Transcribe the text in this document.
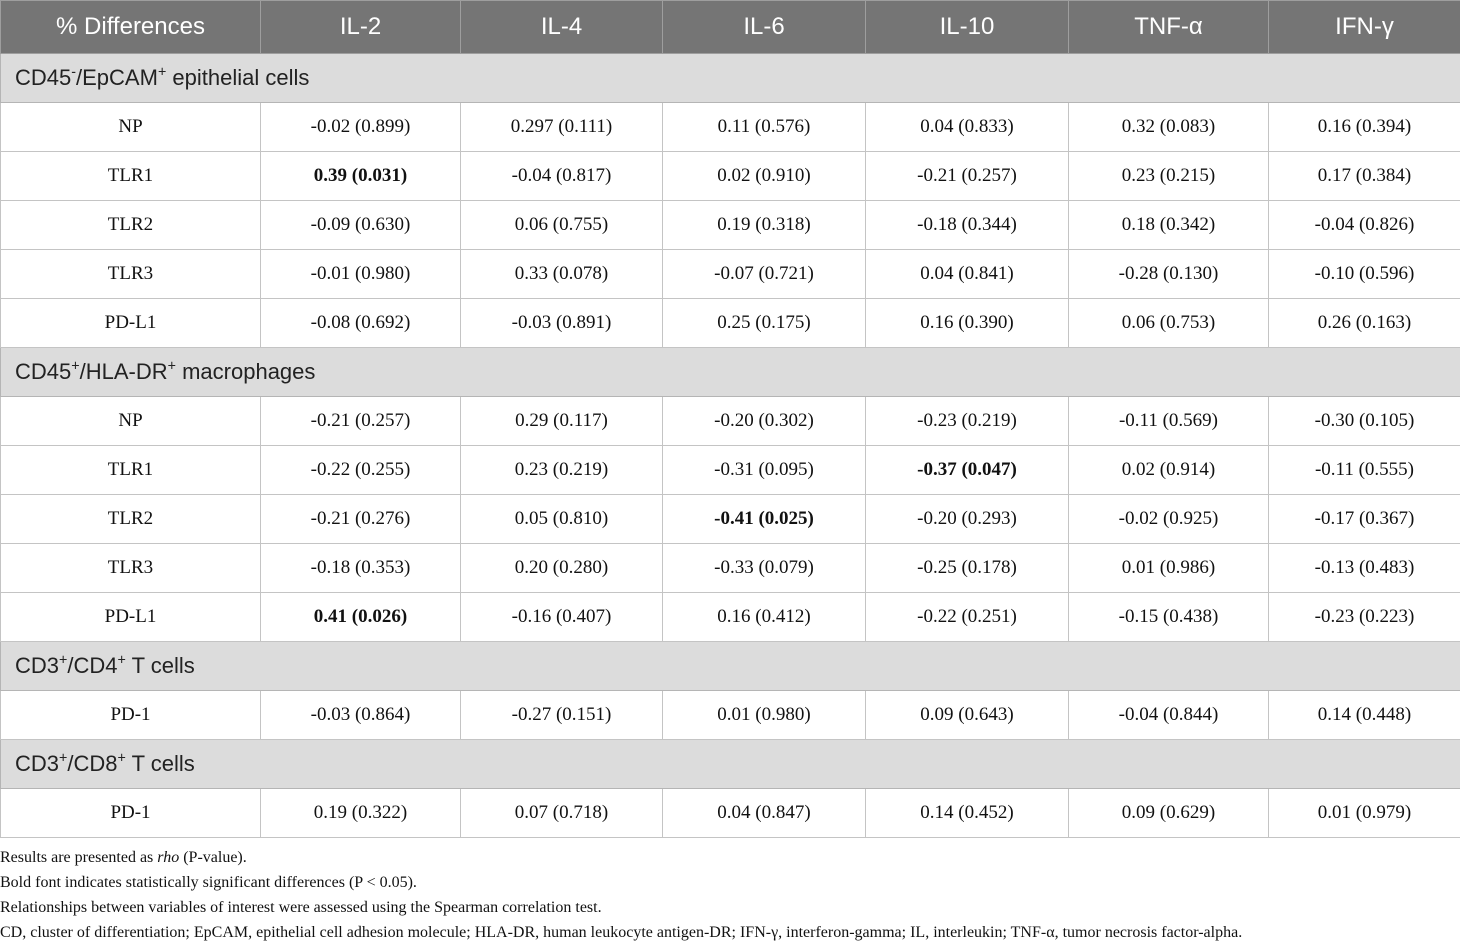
% Differences	IL-2	IL-4	IL-6	IL-10	TNF-α	IFN-γ
CD45-/EpCAM+ epithelial cells						
NP	-0.02 (0.899)	0.297 (0.111)	0.11 (0.576)	0.04 (0.833)	0.32 (0.083)	0.16 (0.394)
TLR1	0.39 (0.031)	-0.04 (0.817)	0.02 (0.910)	-0.21 (0.257)	0.23 (0.215)	0.17 (0.384)
TLR2	-0.09 (0.630)	0.06 (0.755)	0.19 (0.318)	-0.18 (0.344)	0.18 (0.342)	-0.04 (0.826)
TLR3	-0.01 (0.980)	0.33 (0.078)	-0.07 (0.721)	0.04 (0.841)	-0.28 (0.130)	-0.10 (0.596)
PD-L1	-0.08 (0.692)	-0.03 (0.891)	0.25 (0.175)	0.16 (0.390)	0.06 (0.753)	0.26 (0.163)
CD45+/HLA-DR+ macrophages						
NP	-0.21 (0.257)	0.29 (0.117)	-0.20 (0.302)	-0.23 (0.219)	-0.11 (0.569)	-0.30 (0.105)
TLR1	-0.22 (0.255)	0.23 (0.219)	-0.31 (0.095)	-0.37 (0.047)	0.02 (0.914)	-0.11 (0.555)
TLR2	-0.21 (0.276)	0.05 (0.810)	-0.41 (0.025)	-0.20 (0.293)	-0.02 (0.925)	-0.17 (0.367)
TLR3	-0.18 (0.353)	0.20 (0.280)	-0.33 (0.079)	-0.25 (0.178)	0.01 (0.986)	-0.13 (0.483)
PD-L1	0.41 (0.026)	-0.16 (0.407)	0.16 (0.412)	-0.22 (0.251)	-0.15 (0.438)	-0.23 (0.223)
CD3+/CD4+ T cells						
PD-1	-0.03 (0.864)	-0.27 (0.151)	0.01 (0.980)	0.09 (0.643)	-0.04 (0.844)	0.14 (0.448)
CD3+/CD8+ T cells						
PD-1	0.19 (0.322)	0.07 (0.718)	0.04 (0.847)	0.14 (0.452)	0.09 (0.629)	0.01 (0.979)

Results are presented as rho (P-value).

Bold font indicates statistically significant differences (P < 0.05).

Relationships between variables of interest were assessed using the Spearman correlation test.

CD, cluster of differentiation; EpCAM, epithelial cell adhesion molecule; HLA-DR, human leukocyte antigen-DR; IFN-γ, interferon-gamma; IL, interleukin; TNF-α, tumor necrosis factor-alpha.
